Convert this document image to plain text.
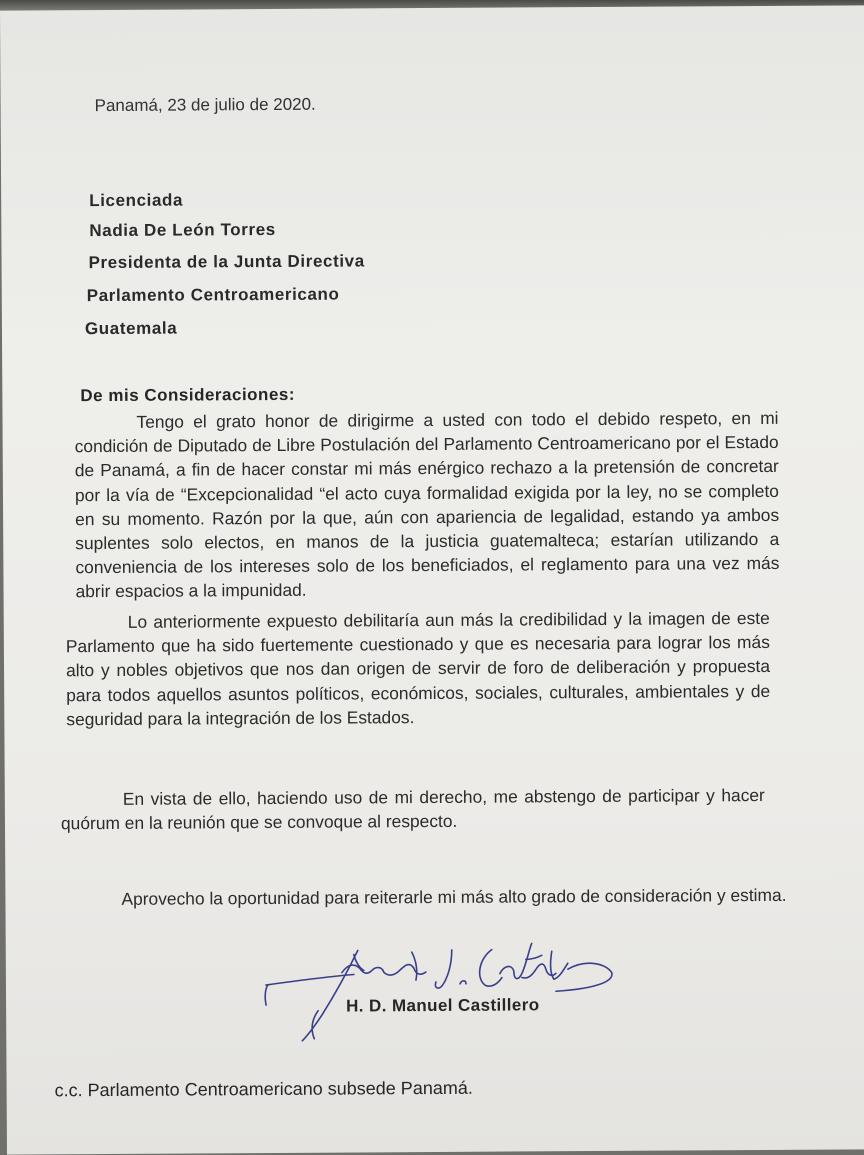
Panamá, 23 de julio de 2020.

Licenciada

Nadia De León Torres

Presidenta de la Junta Directiva

Parlamento Centroamericano

Guatemala

De mis Consideraciones:

Tengo el grato honor de dirigirme a usted con todo el debido respeto, en mi condición de Diputado de Libre Postulación del Parlamento Centroamericano por el Estado de Panamá, a fin de hacer constar mi más enérgico rechazo a la pretensión de concretar por la vía de “Excepcionalidad “el acto cuya formalidad exigida por la ley, no se completo en su momento. Razón por la que, aún con apariencia de legalidad, estando ya ambos suplentes solo electos, en manos de la justicia guatemalteca; estarían utilizando a conveniencia de los intereses solo de los beneficiados, el reglamento para una vez más abrir espacios a la impunidad.

Lo anteriormente expuesto debilitaría aun más la credibilidad y la imagen de este Parlamento que ha sido fuertemente cuestionado y que es necesaria para lograr los más alto y nobles objetivos que nos dan origen de servir de foro de deliberación y propuesta para todos aquellos asuntos políticos, económicos, sociales, culturales, ambientales y de seguridad para la integración de los Estados.

En vista de ello, haciendo uso de mi derecho, me abstengo de participar y hacer quórum en la reunión que se convoque al respecto.

Aprovecho la oportunidad para reiterarle mi más alto grado de consideración y estima.

H. D. Manuel Castillero

c.c. Parlamento Centroamericano subsede Panamá.
